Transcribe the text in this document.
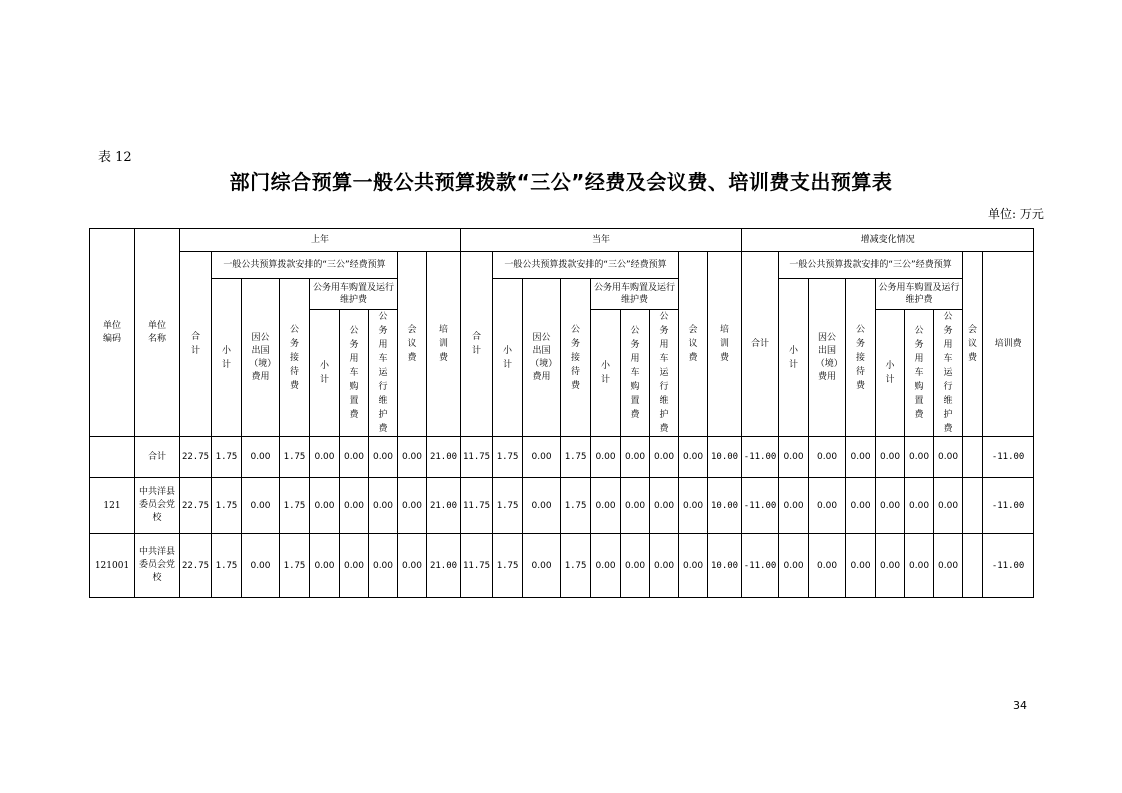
表 12
部门综合预算一般公共预算拨款“三公”经费及会议费、培训费支出预算表
单位: 万元
单位编码	单位名称	上年									当年									增减变化情况								
		合计	一般公共预算拨款安排的“三公”经费预算						会议费	培训费	合计	一般公共预算拨款安排的“三公”经费预算						会议费	培训费	合计	一般公共预算拨款安排的“三公”经费预算						会议费	培训费
			小计	因公出国（境）费用	公务接待费	公务用车购置及运行维护费						小计	因公出国（境）费用	公务接待费	公务用车购置及运行维护费						小计	因公出国（境）费用	公务接待费	公务用车购置及运行维护费				
						小计	公务用车购置费	公务用车运行维护费							小计	公务用车购置费	公务用车运行维护费							小计	公务用车购置费	公务用车运行维护费		
	合计	22.75	1.75	0.00	1.75	0.00	0.00	0.00	0.00	21.00	11.75	1.75	0.00	1.75	0.00	0.00	0.00	0.00	10.00	-11.00	0.00	0.00	0.00	0.00	0.00	0.00		-11.00
121	中共洋县委员会党校	22.75	1.75	0.00	1.75	0.00	0.00	0.00	0.00	21.00	11.75	1.75	0.00	1.75	0.00	0.00	0.00	0.00	10.00	-11.00	0.00	0.00	0.00	0.00	0.00	0.00		-11.00
121001	中共洋县委员会党校	22.75	1.75	0.00	1.75	0.00	0.00	0.00	0.00	21.00	11.75	1.75	0.00	1.75	0.00	0.00	0.00	0.00	10.00	-11.00	0.00	0.00	0.00	0.00	0.00	0.00		-11.00
34
